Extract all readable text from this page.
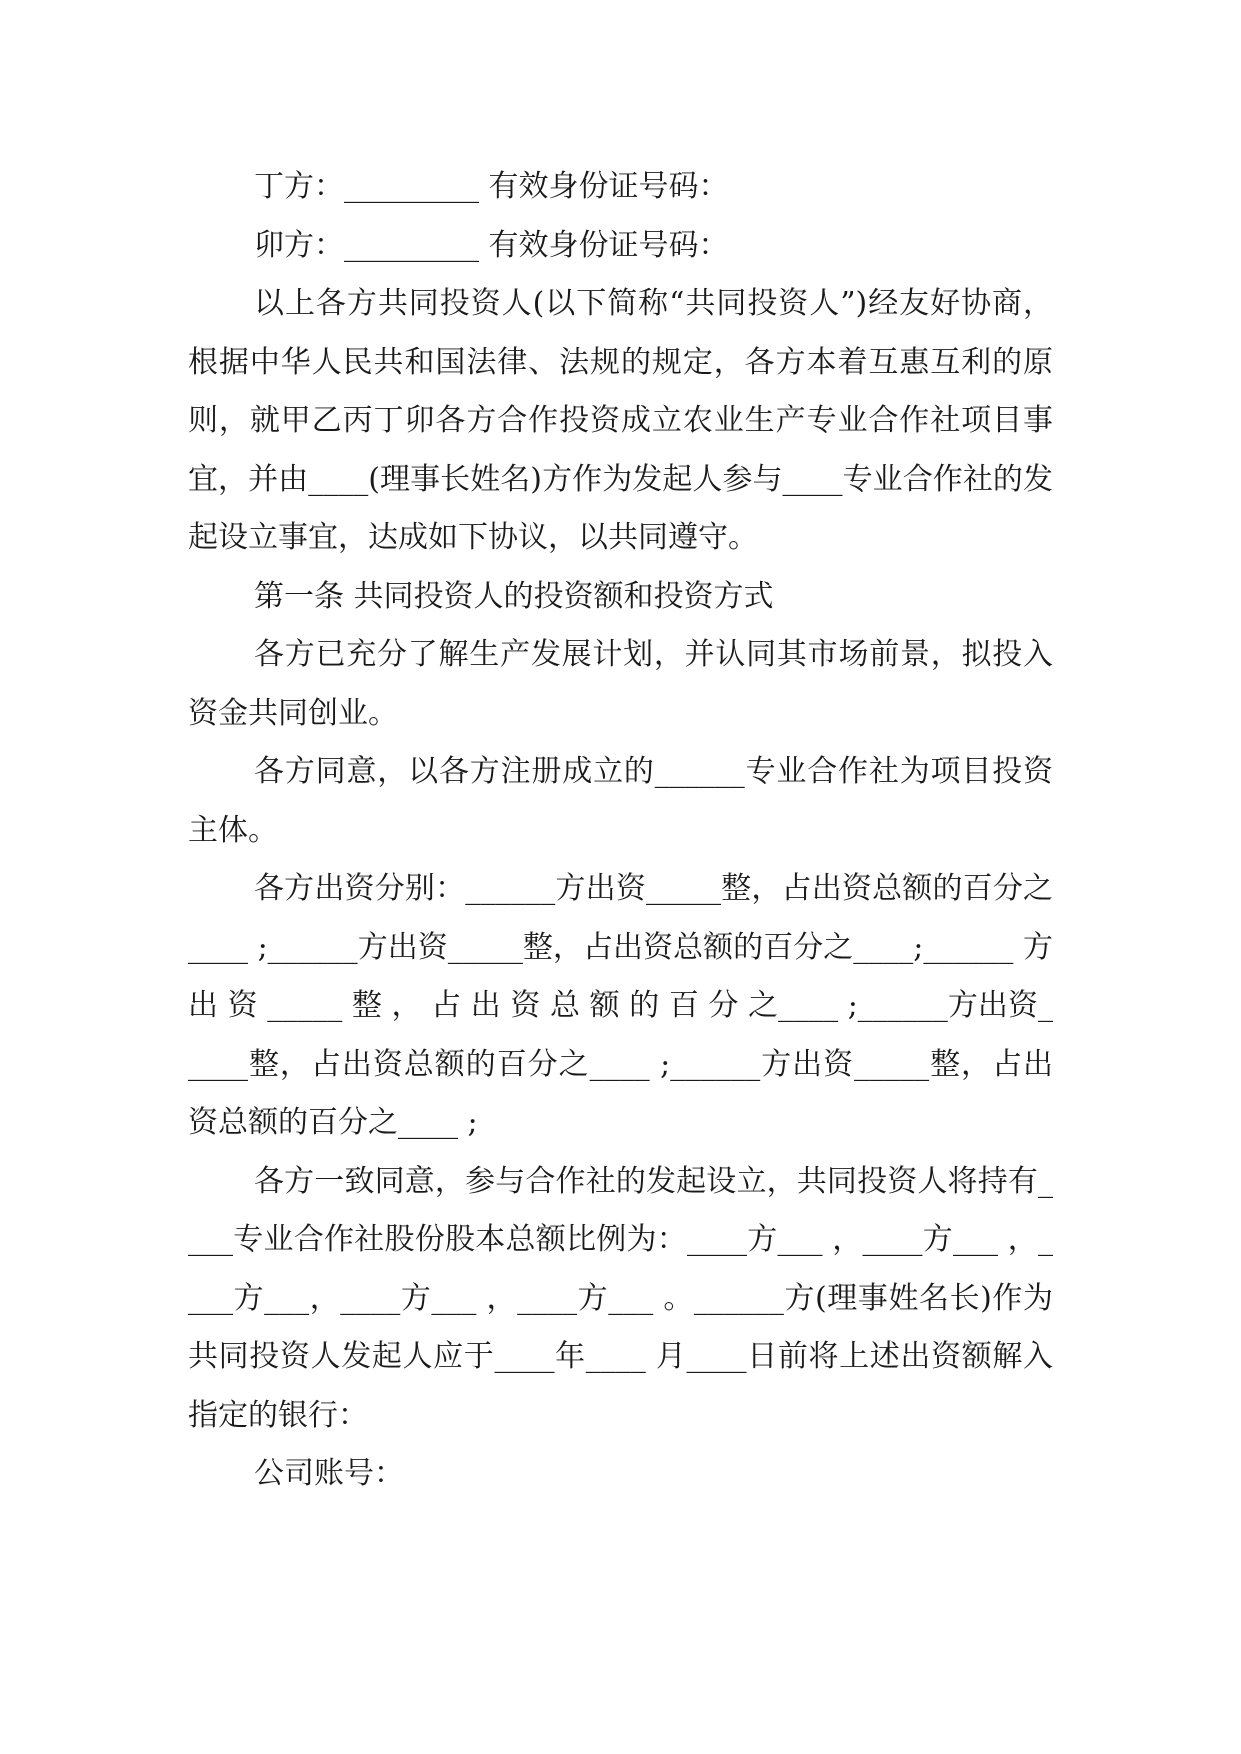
丁方：_________ 有效身份证号码：

卯方：_________ 有效身份证号码：

以上各方共同投资人(以下简称“共同投资人”)经友好协商，根据中华人民共和国法律、法规的规定，各方本着互惠互利的原则，就甲乙丙丁卯各方合作投资成立农业生产专业合作社项目事宜，并由____(理事长姓名)方作为发起人参与____专业合作社的发起设立事宜，达成如下协议，以共同遵守。

第一条 共同投资人的投资额和投资方式

各方已充分了解生产发展计划，并认同其市场前景，拟投入资金共同创业。

各方同意，以各方注册成立的______专业合作社为项目投资主体。

各方出资分别：______方出资_____整，占出资总额的百分之____ ;______方出资_____整，占出资总额的百分之____;______ 方 出 资 _____ 整 ， 占 出 资 总 额 的 百 分 之____ ;______方出资_____整，占出资总额的百分之____ ;______方出资_____整，占出资总额的百分之____ ;

各方一致同意，参与合作社的发起设立，共同投资人将持有____专业合作社股份股本总额比例为：____方___ ，____方___ ，____方___，____方___ ，____方___ 。______方(理事姓名长)作为共同投资人发起人应于____年____ 月____日前将上述出资额解入指定的银行：

公司账号：
